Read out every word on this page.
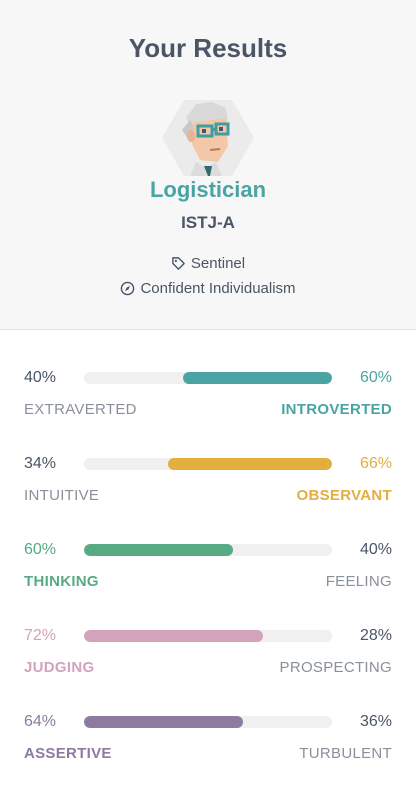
Your Results
Logistician
ISTJ-A
Sentinel
Confident Individualism
40%	60%
EXTRAVERTED	INTROVERTED
34%	66%
INTUITIVE	OBSERVANT
60%	40%
THINKING	FEELING
72%	28%
JUDGING	PROSPECTING
64%	36%
ASSERTIVE	TURBULENT
